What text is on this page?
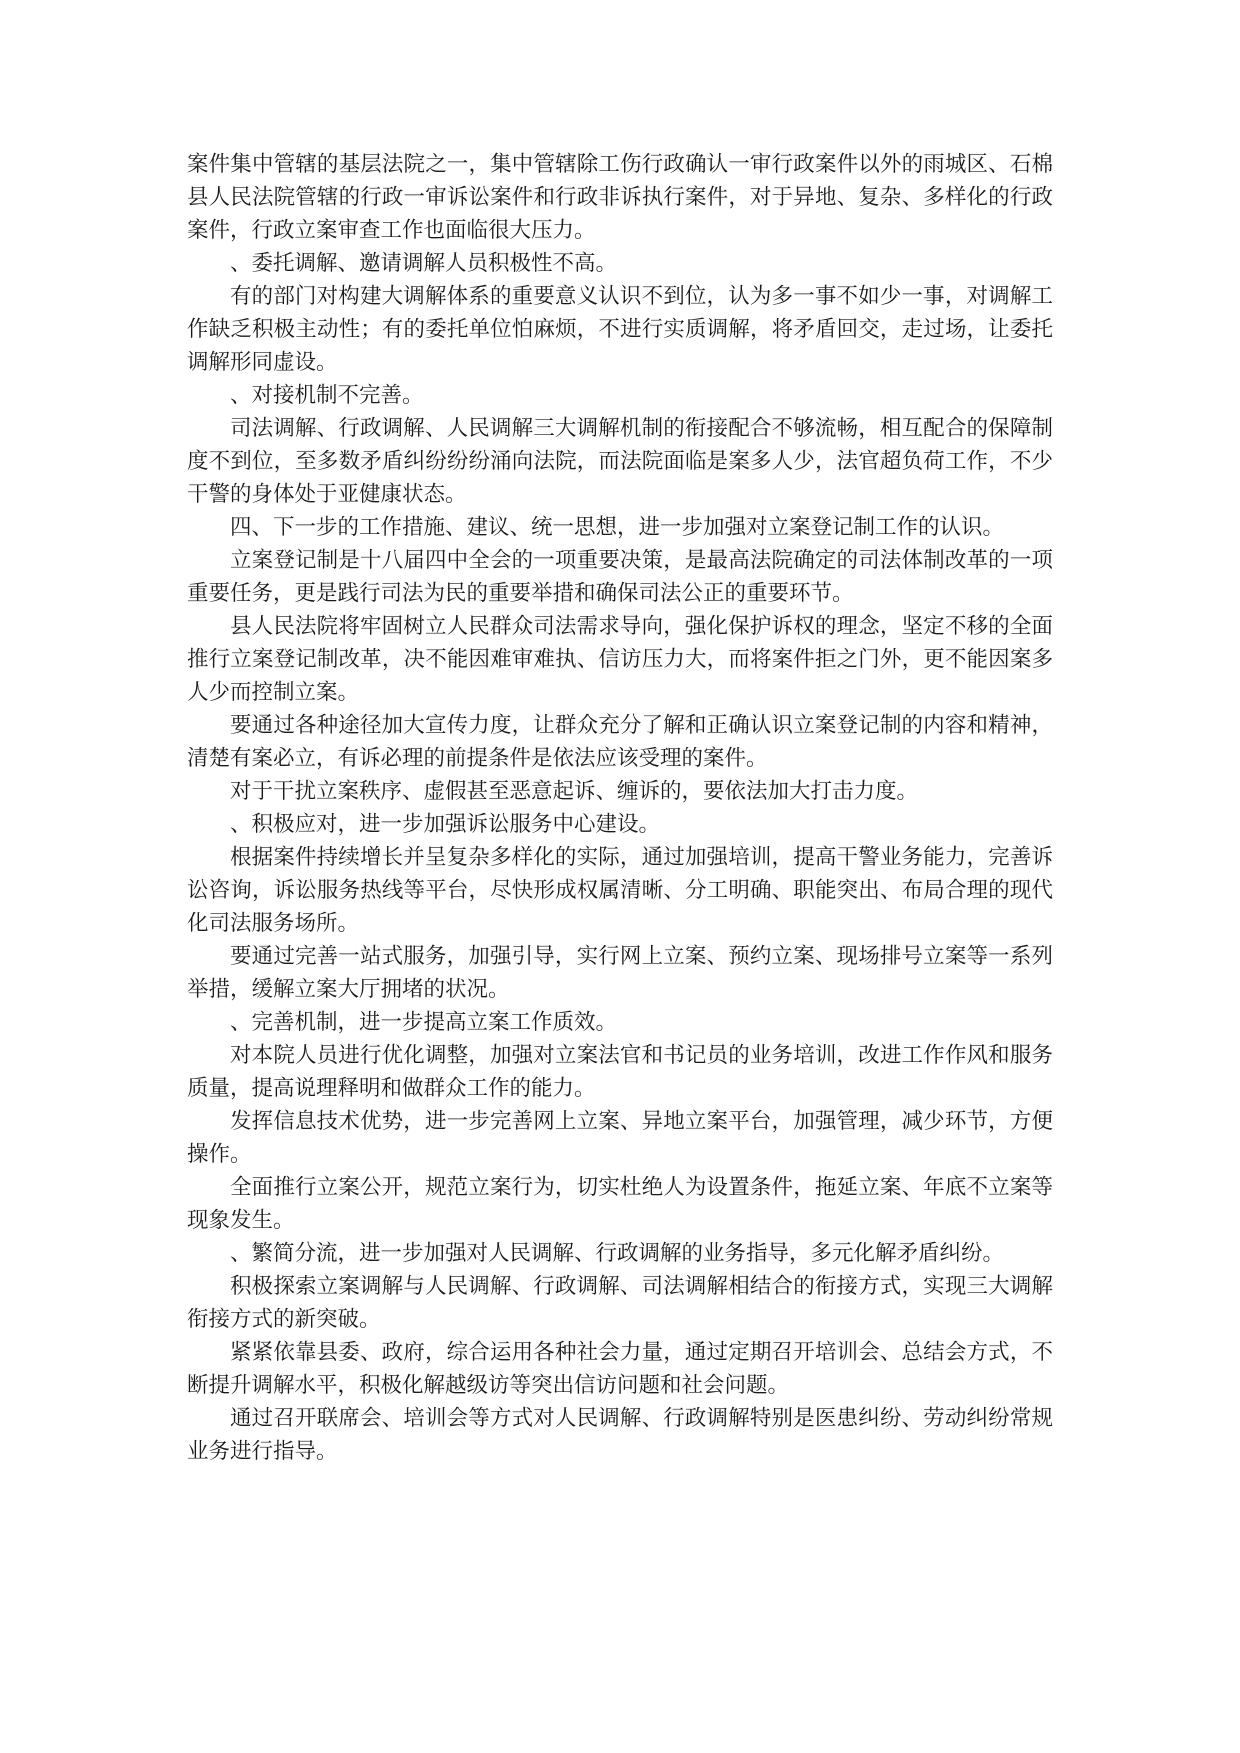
案件集中管辖的基层法院之一，集中管辖除工伤行政确认一审行政案件以外的雨城区、石棉县人民法院管辖的行政一审诉讼案件和行政非诉执行案件，对于异地、复杂、多样化的行政案件，行政立案审查工作也面临很大压力。

、委托调解、邀请调解人员积极性不高。

有的部门对构建大调解体系的重要意义认识不到位，认为多一事不如少一事，对调解工作缺乏积极主动性；有的委托单位怕麻烦，不进行实质调解，将矛盾回交，走过场，让委托调解形同虚设。

、对接机制不完善。

司法调解、行政调解、人民调解三大调解机制的衔接配合不够流畅，相互配合的保障制度不到位，至多数矛盾纠纷纷纷涌向法院，而法院面临是案多人少，法官超负荷工作，不少干警的身体处于亚健康状态。

四、下一步的工作措施、建议、统一思想，进一步加强对立案登记制工作的认识。

立案登记制是十八届四中全会的一项重要决策，是最高法院确定的司法体制改革的一项重要任务，更是践行司法为民的重要举措和确保司法公正的重要环节。

县人民法院将牢固树立人民群众司法需求导向，强化保护诉权的理念，坚定不移的全面推行立案登记制改革，决不能因难审难执、信访压力大，而将案件拒之门外，更不能因案多人少而控制立案。

要通过各种途径加大宣传力度，让群众充分了解和正确认识立案登记制的内容和精神，清楚有案必立，有诉必理的前提条件是依法应该受理的案件。

对于干扰立案秩序、虚假甚至恶意起诉、缠诉的，要依法加大打击力度。

、积极应对，进一步加强诉讼服务中心建设。

根据案件持续增长并呈复杂多样化的实际，通过加强培训，提高干警业务能力，完善诉讼咨询，诉讼服务热线等平台，尽快形成权属清晰、分工明确、职能突出、布局合理的现代化司法服务场所。

要通过完善一站式服务，加强引导，实行网上立案、预约立案、现场排号立案等一系列举措，缓解立案大厅拥堵的状况。

、完善机制，进一步提高立案工作质效。

对本院人员进行优化调整，加强对立案法官和书记员的业务培训，改进工作作风和服务质量，提高说理释明和做群众工作的能力。

发挥信息技术优势，进一步完善网上立案、异地立案平台，加强管理，减少环节，方便操作。

全面推行立案公开，规范立案行为，切实杜绝人为设置条件，拖延立案、年底不立案等现象发生。

、繁简分流，进一步加强对人民调解、行政调解的业务指导，多元化解矛盾纠纷。

积极探索立案调解与人民调解、行政调解、司法调解相结合的衔接方式，实现三大调解衔接方式的新突破。

紧紧依靠县委、政府，综合运用各种社会力量，通过定期召开培训会、总结会方式，不断提升调解水平，积极化解越级访等突出信访问题和社会问题。

通过召开联席会、培训会等方式对人民调解、行政调解特别是医患纠纷、劳动纠纷常规业务进行指导。
